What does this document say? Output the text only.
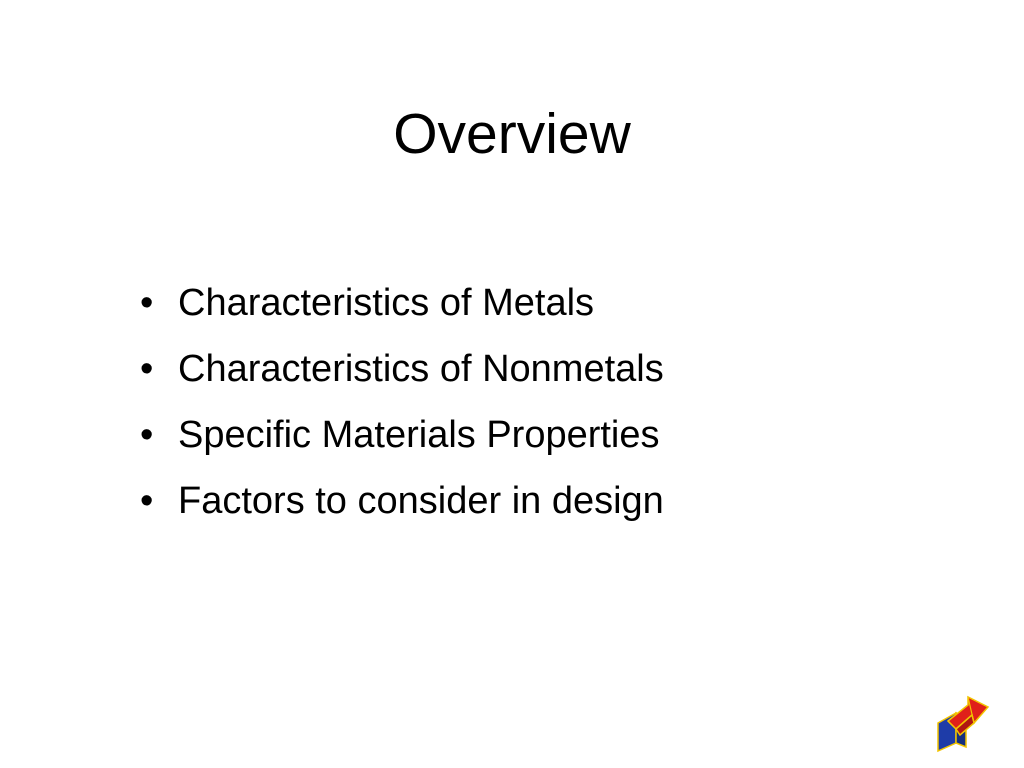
Overview
• Characteristics of Metals
• Characteristics of Nonmetals
• Specific Materials Properties
• Factors to consider in design
